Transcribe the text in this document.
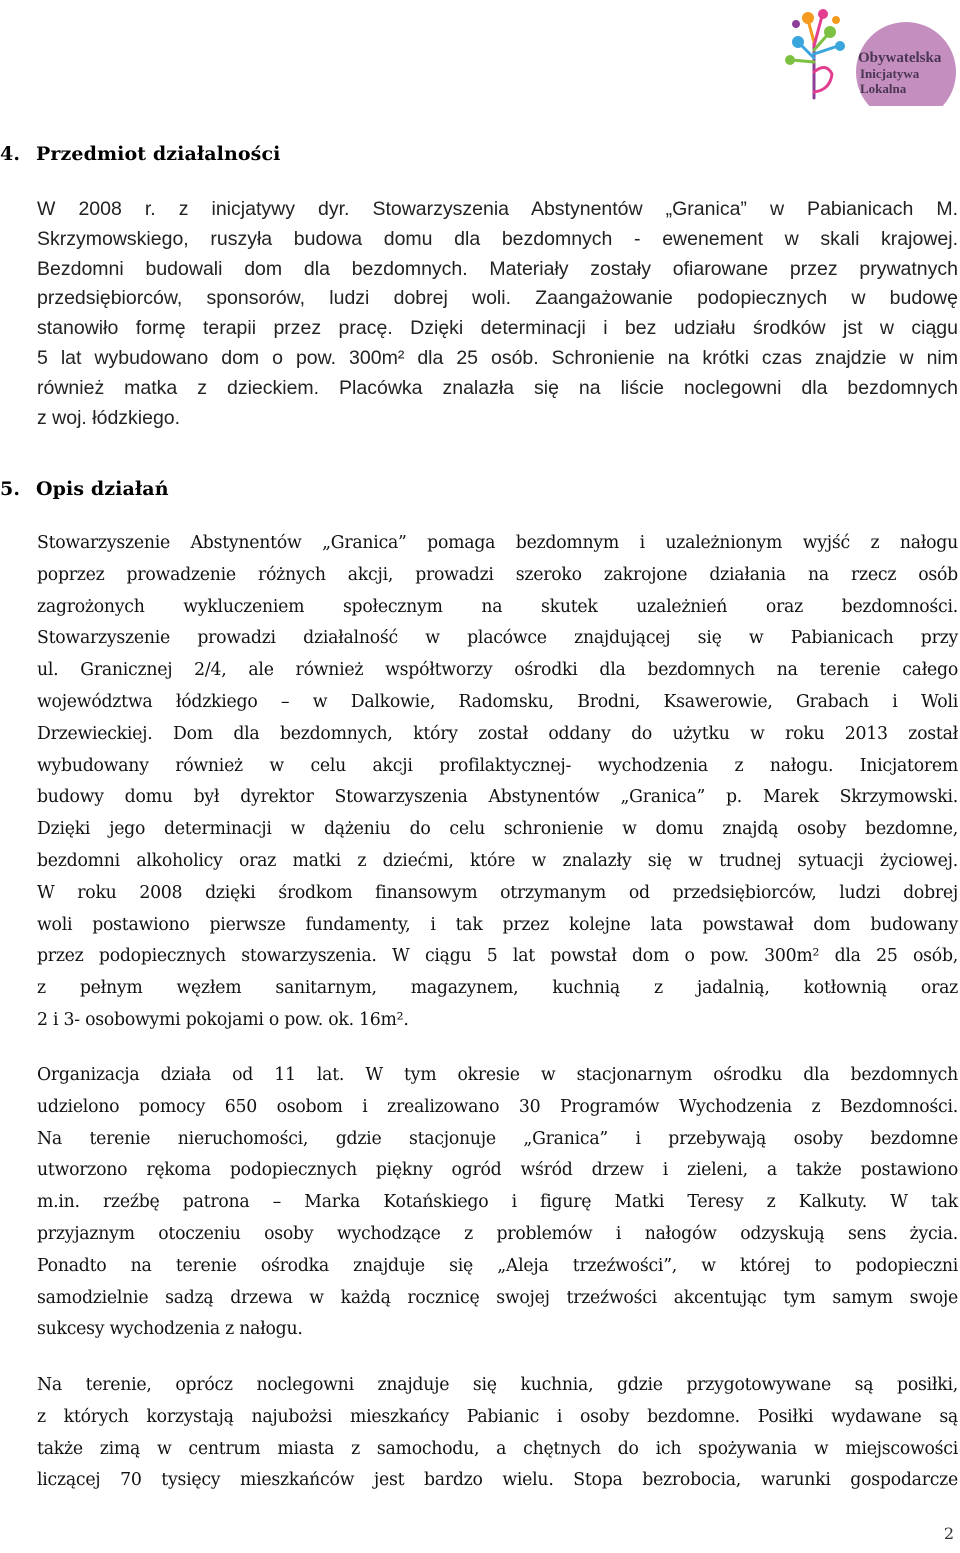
Obywatelska
Inicjatywa
Lokalna
4. Przedmiot działalności
W 2008 r. z inicjatywy dyr. Stowarzyszenia Abstynentów „Granica” w Pabianicach M.
Skrzymowskiego, ruszyła budowa domu dla bezdomnych - ewenement w skali krajowej.
Bezdomni budowali dom dla bezdomnych. Materiały zostały ofiarowane przez prywatnych
przedsiębiorców, sponsorów, ludzi dobrej woli. Zaangażowanie podopiecznych w budowę
stanowiło formę terapii przez pracę. Dzięki determinacji i bez udziału środków jst w ciągu
5 lat wybudowano dom o pow. 300m² dla 25 osób. Schronienie na krótki czas znajdzie w nim
również matka z dzieckiem. Placówka znalazła się na liście noclegowni dla bezdomnych
z woj. łódzkiego.
5. Opis działań
Stowarzyszenie Abstynentów „Granica” pomaga bezdomnym i uzależnionym wyjść z nałogu
poprzez prowadzenie różnych akcji, prowadzi szeroko zakrojone działania na rzecz osób
zagrożonych wykluczeniem społecznym na skutek uzależnień oraz bezdomności.
Stowarzyszenie prowadzi działalność w placówce znajdującej się w Pabianicach przy
ul. Granicznej 2/4, ale również współtworzy ośrodki dla bezdomnych na terenie całego
województwa łódzkiego – w Dalkowie, Radomsku, Brodni, Ksawerowie, Grabach i Woli
Drzewieckiej. Dom dla bezdomnych, który został oddany do użytku w roku 2013 został
wybudowany również w celu akcji profilaktycznej- wychodzenia z nałogu. Inicjatorem
budowy domu był dyrektor Stowarzyszenia Abstynentów „Granica” p. Marek Skrzymowski.
Dzięki jego determinacji w dążeniu do celu schronienie w domu znajdą osoby bezdomne,
bezdomni alkoholicy oraz matki z dziećmi, które w znalazły się w trudnej sytuacji życiowej.
W roku 2008 dzięki środkom finansowym otrzymanym od przedsiębiorców, ludzi dobrej
woli postawiono pierwsze fundamenty, i tak przez kolejne lata powstawał dom budowany
przez podopiecznych stowarzyszenia. W ciągu 5 lat powstał dom o pow. 300m² dla 25 osób,
z pełnym węzłem sanitarnym, magazynem, kuchnią z jadalnią, kotłownią oraz
2 i 3- osobowymi pokojami o pow. ok. 16m².
Organizacja działa od 11 lat. W tym okresie w stacjonarnym ośrodku dla bezdomnych
udzielono pomocy 650 osobom i zrealizowano 30 Programów Wychodzenia z Bezdomności.
Na terenie nieruchomości, gdzie stacjonuje „Granica” i przebywają osoby bezdomne
utworzono rękoma podopiecznych piękny ogród wśród drzew i zieleni, a także postawiono
m.in. rzeźbę patrona – Marka Kotańskiego i figurę Matki Teresy z Kalkuty. W tak
przyjaznym otoczeniu osoby wychodzące z problemów i nałogów odzyskują sens życia.
Ponadto na terenie ośrodka znajduje się „Aleja trzeźwości”, w której to podopieczni
samodzielnie sadzą drzewa w każdą rocznicę swojej trzeźwości akcentując tym samym swoje
sukcesy wychodzenia z nałogu.
Na terenie, oprócz noclegowni znajduje się kuchnia, gdzie przygotowywane są posiłki,
z których korzystają najubożsi mieszkańcy Pabianic i osoby bezdomne. Posiłki wydawane są
także zimą w centrum miasta z samochodu, a chętnych do ich spożywania w miejscowości
liczącej 70 tysięcy mieszkańców jest bardzo wielu. Stopa bezrobocia, warunki gospodarcze
2
